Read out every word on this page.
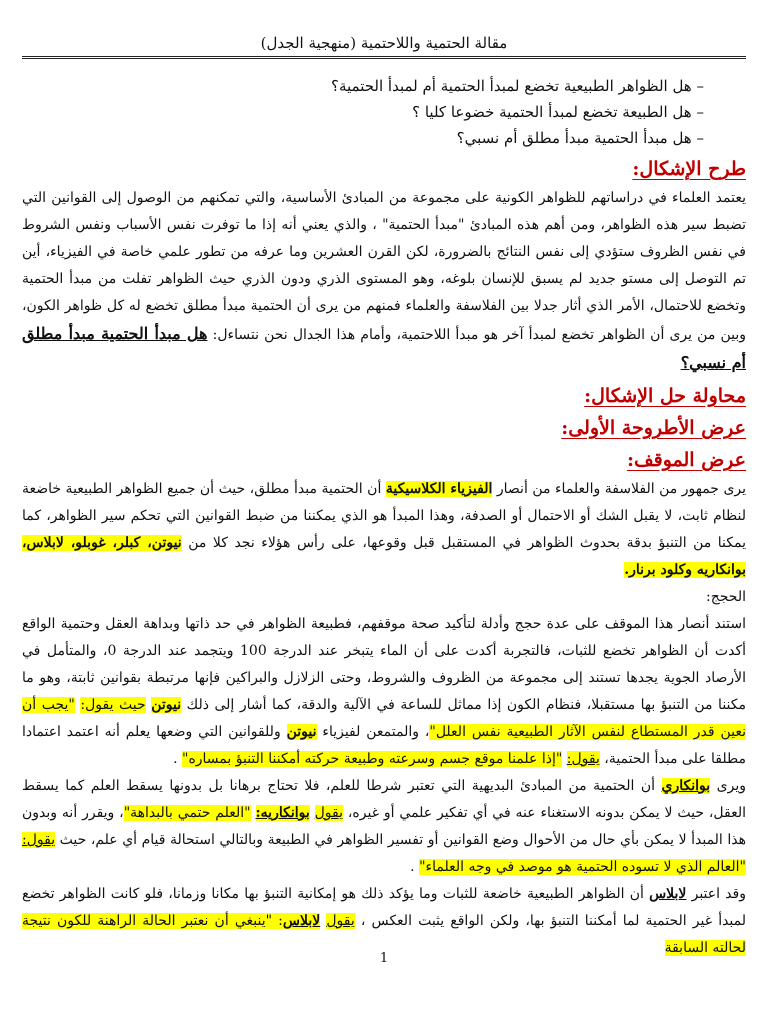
مقالة الحتمية واللاحتمية (منهجية الجدل)
– هل الظواهر الطبيعية تخضع لمبدأ الحتمية أم لمبدأ الحتمية؟
– هل الطبيعة تخضع لمبدأ الحتمية خضوعا كليا ؟
– هل مبدأ الحتمية مبدأ مطلق أم نسبي؟
طرح الإشكال:

يعتمد العلماء في دراساتهم للظواهر الكونية على مجموعة من المبادئ الأساسية، والتي تمكنهم من الوصول إلى القوانين التي تضبط سير هذه الظواهر، ومن أهم هذه المبادئ "مبدأ الحتمية" ، والذي يعني أنه إذا ما توفرت نفس الأسباب ونفس الشروط في نفس الظروف ستؤدي إلى نفس النتائج بالضرورة، لكن القرن العشرين وما عرفه من تطور علمي خاصة في الفيزياء، أين تم التوصل إلى مستو جديد لم يسبق للإنسان بلوغه، وهو المستوى الذري ودون الذري حيث الظواهر تفلت من مبدأ الحتمية وتخضع للاحتمال، الأمر الذي أثار جدلا بين الفلاسفة والعلماء فمنهم من يرى أن الحتمية مبدأ مطلق تخضع له كل ظواهر الكون، وبين من يرى أن الظواهر تخضع لمبدأ آخر هو مبدأ اللاحتمية، وأمام هذا الجدال نحن نتساءل: هل مبدأ الحتمية مبدأ مطلق أم نسبي؟

محاولة حل الإشكال:
عرض الأطروحة الأولى:
عرض الموقف:

يرى جمهور من الفلاسفة والعلماء من أنصار الفيزياء الكلاسيكية أن الحتمية مبدأ مطلق، حيث أن جميع الظواهر الطبيعية خاضعة لنظام ثابت، لا يقبل الشك أو الاحتمال أو الصدفة، وهذا المبدأ هو الذي يمكننا من ضبط القوانين التي تحكم سير الظواهر، كما يمكنا من التنبؤ بدقة بحدوث الظواهر في المستقبل قبل وقوعها، على رأس هؤلاء نجد كلا من نيوتن، كبلر، غوبلو، لابلاس، بوانكاريه وكلود برنار.

الحجج:

استند أنصار هذا الموقف على عدة حجج وأدلة لتأكيد صحة موقفهم، فطبيعة الظواهر في حد ذاتها وبداهة العقل وحتمية الواقع أكدت أن الظواهر تخضع للثبات، فالتجربة أكدت على أن الماء يتبخر عند الدرجة 100 ويتجمد عند الدرجة 0، والمتأمل في الأرصاد الجوية يجدها تستند إلى مجموعة من الظروف والشروط، وحتى الزلازل والبراكين فإنها مرتبطة بقوانين ثابتة، وهو ما مكننا من التنبؤ بها مستقبلا، فنظام الكون إذا مماثل للساعة في الآلية والدقة، كما أشار إلى ذلك نيوتن حيث يقول: "يجب أن نعين قدر المستطاع لنفس الآثار الطبيعية نفس العلل"، والمتمعن لفيزياء نيوتن وللقوانين التي وضعها يعلم أنه اعتمد اعتمادا مطلقا على مبدأ الحتمية، يقول: "إذا علمنا موقع جسم وسرعته وطبيعة حركته أمكننا التنبؤ بمساره" .

ويرى بوانكاري أن الحتمية من المبادئ البديهية التي تعتبر شرطا للعلم، فلا تحتاج برهانا بل بدونها يسقط العلم كما يسقط العقل، حيث لا يمكن بدونه الاستغناء عنه في أي تفكير علمي أو غيره، يقول بوانكاريه: "العلم حتمي بالبداهة"، ويقرر أنه وبدون هذا المبدأ لا يمكن بأي حال من الأحوال وضع القوانين أو تفسير الظواهر في الطبيعة وبالتالي استحالة قيام أي علم، حيث يقول: "العالم الذي لا تسوده الحتمية هو موصد في وجه العلماء" .

وقد اعتبر لابلاس أن الظواهر الطبيعية خاضعة للثبات وما يؤكد ذلك هو إمكانية التنبؤ بها مكانا وزمانا، فلو كانت الظواهر تخضع لمبدأ غير الحتمية لما أمكننا التنبؤ بها، ولكن الواقع يثبت العكس ، يقول لابلاس: "ينبغي أن نعتبر الحالة الراهنة للكون نتيجة لحالته السابقة

1
